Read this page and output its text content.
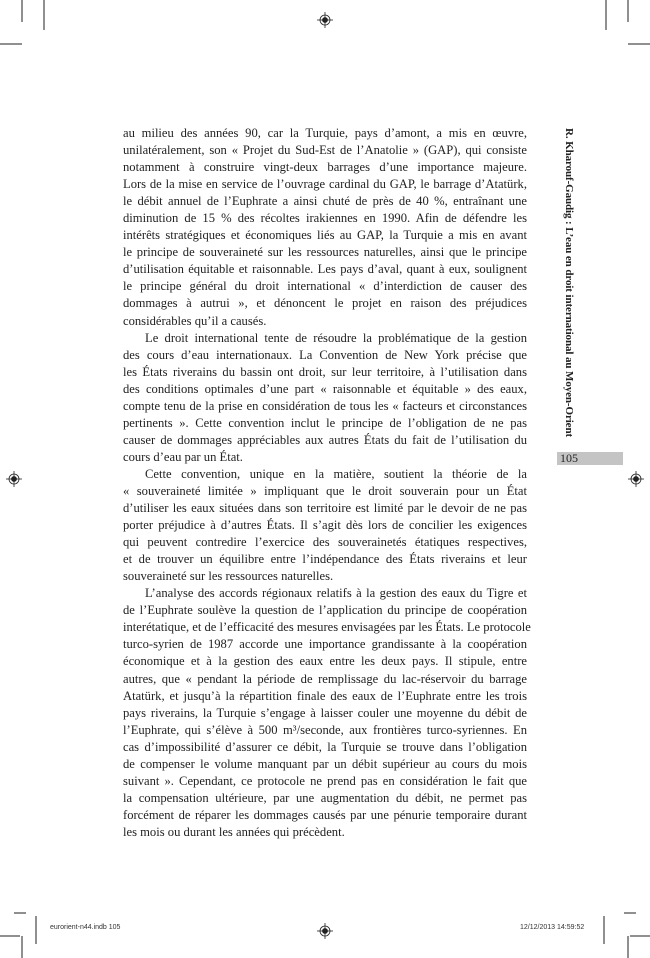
R. Kharouf-Gaudig : L’eau en droit international au Moyen-Orient
105
au milieu des années 90, car la Turquie, pays d’amont, a mis en œuvre,
unilatéralement, son « Projet du Sud-Est de l’Anatolie » (GAP), qui consiste
notamment à construire vingt-deux barrages d’une importance majeure.
Lors de la mise en service de l’ouvrage cardinal du GAP, le barrage d’Atatürk,
le débit annuel de l’Euphrate a ainsi chuté de près de 40 %, entraînant une
diminution de 15 % des récoltes irakiennes en 1990. Afin de défendre les
intérêts stratégiques et économiques liés au GAP, la Turquie a mis en avant
le principe de souveraineté sur les ressources naturelles, ainsi que le principe
d’utilisation équitable et raisonnable. Les pays d’aval, quant à eux, soulignent
le principe général du droit international « d’interdiction de causer des
dommages à autrui », et dénoncent le projet en raison des préjudices
considérables qu’il a causés.
Le droit international tente de résoudre la problématique de la gestion
des cours d’eau internationaux. La Convention de New York précise que
les États riverains du bassin ont droit, sur leur territoire, à l’utilisation dans
des conditions optimales d’une part « raisonnable et équitable » des eaux,
compte tenu de la prise en considération de tous les « facteurs et circonstances
pertinents ». Cette convention inclut le principe de l’obligation de ne pas
causer de dommages appréciables aux autres États du fait de l’utilisation du
cours d’eau par un État.
Cette convention, unique en la matière, soutient la théorie de la
« souveraineté limitée » impliquant que le droit souverain pour un État
d’utiliser les eaux situées dans son territoire est limité par le devoir de ne pas
porter préjudice à d’autres États. Il s’agit dès lors de concilier les exigences
qui peuvent contredire l’exercice des souverainetés étatiques respectives,
et de trouver un équilibre entre l’indépendance des États riverains et leur
souveraineté sur les ressources naturelles.
L’analyse des accords régionaux relatifs à la gestion des eaux du Tigre et
de l’Euphrate soulève la question de l’application du principe de coopération
interétatique, et de l’efficacité des mesures envisagées par les États. Le protocole
turco-syrien de 1987 accorde une importance grandissante à la coopération
économique et à la gestion des eaux entre les deux pays. Il stipule, entre
autres, que « pendant la période de remplissage du lac-réservoir du barrage
Atatürk, et jusqu’à la répartition finale des eaux de l’Euphrate entre les trois
pays riverains, la Turquie s’engage à laisser couler une moyenne du débit de
l’Euphrate, qui s’élève à 500 m³/seconde, aux frontières turco-syriennes. En
cas d’impossibilité d’assurer ce débit, la Turquie se trouve dans l’obligation
de compenser le volume manquant par un débit supérieur au cours du mois
suivant ». Cependant, ce protocole ne prend pas en considération le fait que
la compensation ultérieure, par une augmentation du débit, ne permet pas
forcément de réparer les dommages causés par une pénurie temporaire durant
les mois ou durant les années qui précèdent.
eurorient-n44.indb 105	12/12/2013 14:59:52
